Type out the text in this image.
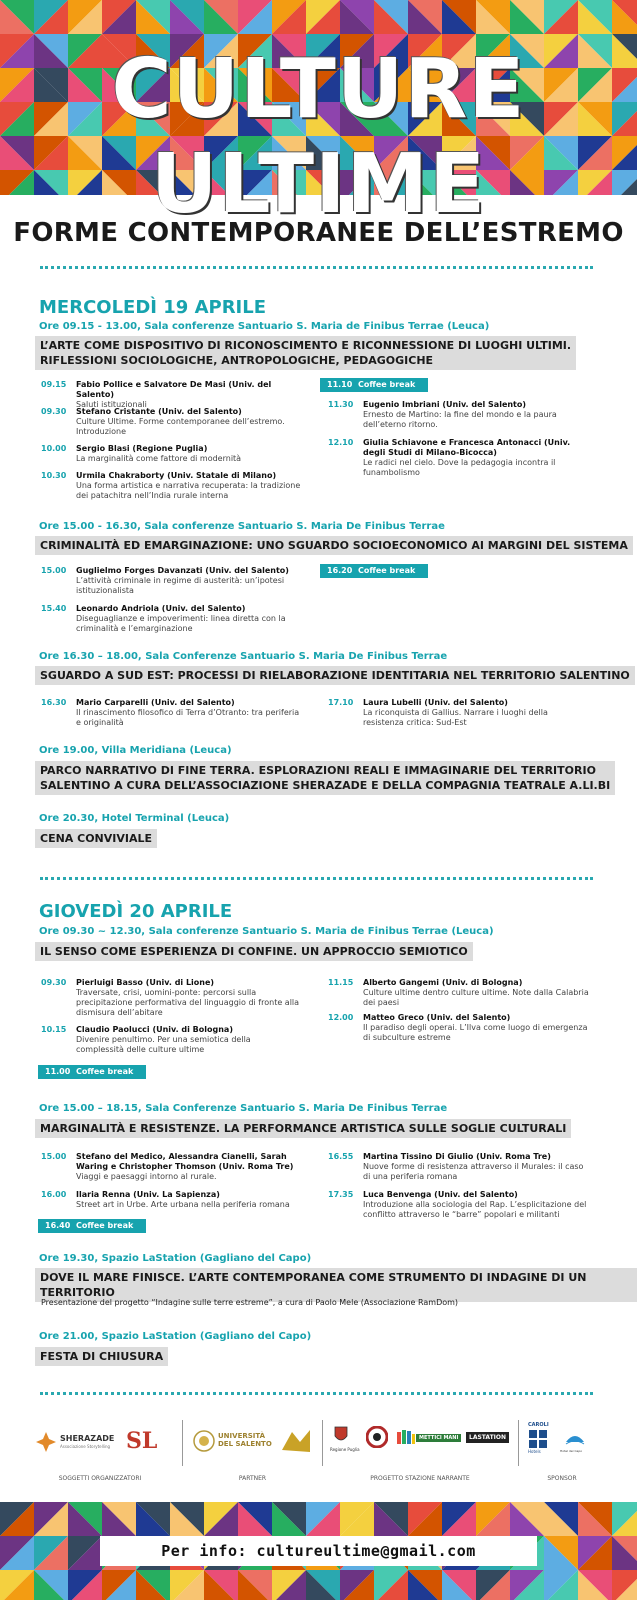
CULTURE ULTIME
FORME CONTEMPORANEE DELL’ESTREMO
MERCOLEDÌ 19 APRILE
Ore 09.15 - 13.00, Sala conferenze Santuario S. Maria de Finibus Terrae (Leuca)
L’ARTE COME DISPOSITIVO DI RICONOSCIMENTO E RICONNESSIONE DI LUOGHI ULTIMI.
RIFLESSIONI SOCIOLOGICHE, ANTROPOLOGICHE, PEDAGOGICHE
09.15	Fabio Pollice e Salvatore De Masi (Univ. del Salento)
Saluti istituzionali
09.30	Stefano Cristante (Univ. del Salento)
Culture Ultime. Forme contemporanee dell’estremo. Introduzione
10.00	Sergio Blasi (Regione Puglia)
La marginalità come fattore di modernità
10.30	Urmila Chakraborty (Univ. Statale di Milano)
Una forma artistica e narrativa recuperata: la tradizione dei patachitra nell’India rurale interna
11.10 Coffee break
11.30	Eugenio Imbriani (Univ. del Salento)
Ernesto de Martino: la fine del mondo e la paura dell’eterno ritorno.
12.10	Giulia Schiavone e Francesca Antonacci (Univ. degli Studi di Milano-Bicocca)
Le radici nel cielo. Dove la pedagogia incontra il funambolismo
Ore 15.00 - 16.30, Sala conferenze Santuario S. Maria De Finibus Terrae
CRIMINALITÀ ED EMARGINAZIONE: UNO SGUARDO SOCIOECONOMICO AI MARGINI DEL SISTEMA
15.00	Guglielmo Forges Davanzati (Univ. del Salento)
L’attività criminale in regime di austerità: un’ipotesi istituzionalista
15.40	Leonardo Andriola (Univ. del Salento)
Diseguaglianze e impoverimenti: linea diretta con la criminalità e l’emarginazione
16.20 Coffee break
Ore 16.30 – 18.00, Sala Conferenze Santuario S. Maria De Finibus Terrae
SGUARDO A SUD EST: PROCESSI DI RIELABORAZIONE IDENTITARIA NEL TERRITORIO SALENTINO
16.30	Mario Carparelli (Univ. del Salento)
Il rinascimento filosofico di Terra d’Otranto: tra periferia e originalità
17.10	Laura Lubelli (Univ. del Salento)
La riconquista di Gallius. Narrare i luoghi della resistenza critica: Sud-Est
Ore 19.00, Villa Meridiana (Leuca)
PARCO NARRATIVO DI FINE TERRA. ESPLORAZIONI REALI E IMMAGINARIE DEL TERRITORIO
SALENTINO A CURA DELL’ASSOCIAZIONE SHERAZADE E DELLA COMPAGNIA TEATRALE A.LI.BI
Ore 20.30, Hotel Terminal (Leuca)
CENA CONVIVIALE
GIOVEDÌ 20 APRILE
Ore 09.30 ~ 12.30, Sala conferenze Santuario S. Maria de Finibus Terrae (Leuca)
IL SENSO COME ESPERIENZA DI CONFINE. UN APPROCCIO SEMIOTICO
09.30	Pierluigi Basso (Univ. di Lione)
Traversate, crisi, uomini-ponte: percorsi sulla precipitazione performativa del linguaggio di fronte alla dismisura dell’abitare
10.15	Claudio Paolucci (Univ. di Bologna)
Divenire penultimo. Per una semiotica della complessità delle culture ultime
11.00 Coffee break
11.15	Alberto Gangemi (Univ. di Bologna)
Culture ultime dentro culture ultime. Note dalla Calabria dei paesi
12.00	Matteo Greco (Univ. del Salento)
Il paradiso degli operai. L’Ilva come luogo di emergenza di subculture estreme
Ore 15.00 – 18.15, Sala Conferenze Santuario S. Maria De Finibus Terrae
MARGINALITÀ E RESISTENZE. LA PERFORMANCE ARTISTICA SULLE SOGLIE CULTURALI
15.00	Stefano del Medico, Alessandra Cianelli, Sarah Waring e Christopher Thomson (Univ. Roma Tre)
Viaggi e paesaggi intorno al rurale.
16.00	Ilaria Renna (Univ. La Sapienza)
Street art in Urbe. Arte urbana nella periferia romana
16.40 Coffee break
16.55	Martina Tissino Di Giulio (Univ. Roma Tre)
Nuove forme di resistenza attraverso il Murales: il caso di una periferia romana
17.35	Luca Benvenga (Univ. del Salento)
Introduzione alla sociologia del Rap. L’esplicitazione del conflitto attraverso le “barre” popolari e militanti
Ore 19.30, Spazio LaStation (Gagliano del Capo)
DOVE IL MARE FINISCE. L’ARTE CONTEMPORANEA COME STRUMENTO DI INDAGINE DI UN TERRITORIO
Presentazione del progetto “Indagine sulle terre estreme”, a cura di Paolo Mele (Associazione RamDom)
Ore 21.00, Spazio LaStation (Gagliano del Capo)
FESTA DI CHIUSURA
SHERAZADE
Associazione Storytelling SL
SOGGETTI ORGANIZZATORI
UNIVERSITÀ DEL SALENTO
PARTNER
Regione Puglia
METTICI MANI	LASTATION
PROGETTO STAZIONE NARRANTE
CAROLI
Hotels	Hotel del Capo
SPONSOR
Per info: cultureultime@gmail.com
